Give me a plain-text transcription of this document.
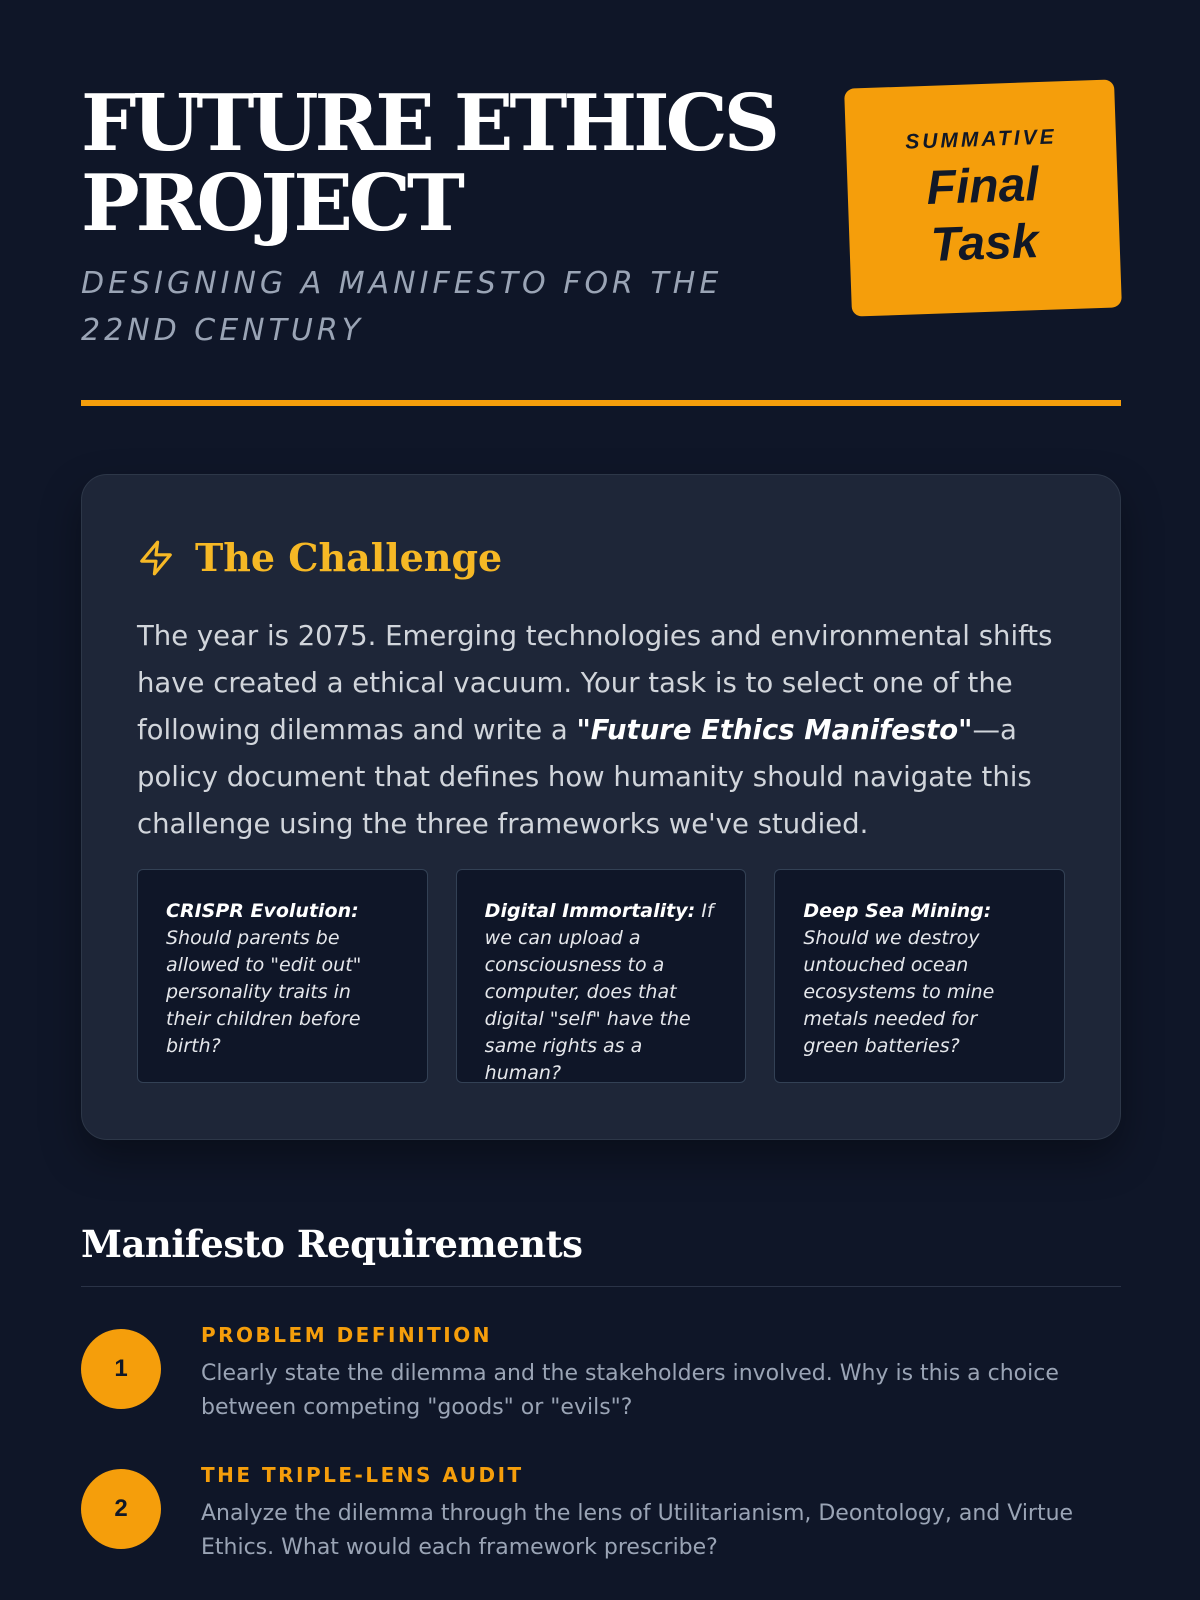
FUTURE ETHICS
PROJECT
DESIGNING A MANIFESTO FOR THE
22ND CENTURY
SUMMATIVE
Final
Task
The Challenge

The year is 2075. Emerging technologies and environmental shifts have created a ethical vacuum. Your task is to select one of the following dilemmas and write a "Future Ethics Manifesto"—a policy document that defines how humanity should navigate this challenge using the three frameworks we've studied.

CRISPR Evolution: Should parents be allowed to "edit out" personality traits in their children before birth?
Digital Immortality: If we can upload a consciousness to a computer, does that digital "self" have the same rights as a human?
Deep Sea Mining: Should we destroy untouched ocean ecosystems to mine metals needed for green batteries?
Manifesto Requirements
1
PROBLEM DEFINITION
Clearly state the dilemma and the stakeholders involved. Why is this a choice between competing "goods" or "evils"?
2
THE TRIPLE-LENS AUDIT
Analyze the dilemma through the lens of Utilitarianism, Deontology, and Virtue Ethics. What would each framework prescribe?
